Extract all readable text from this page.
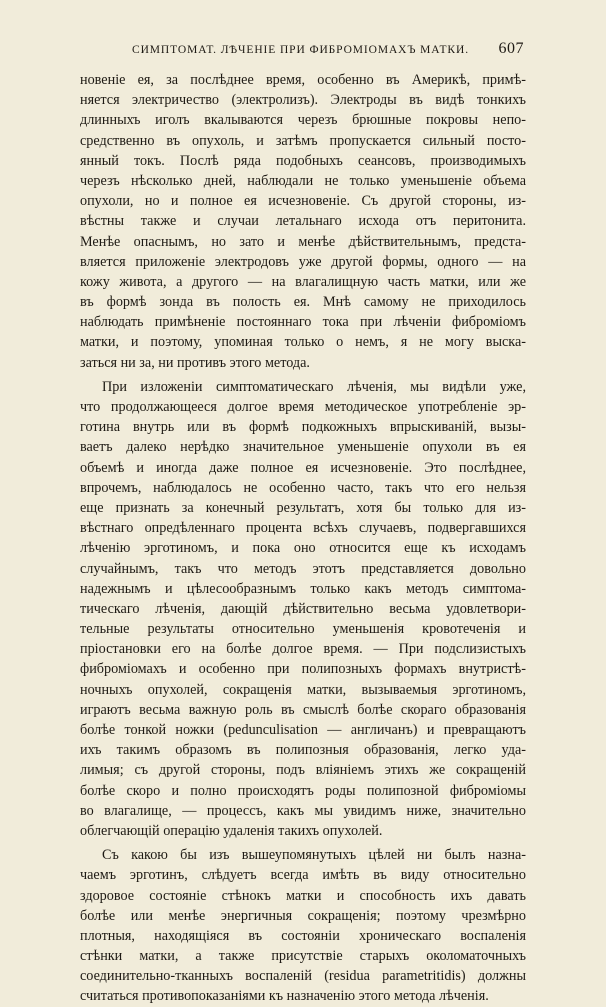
СИМПТОМАТ. ЛѢЧЕНІЕ ПРИ ФИБРОМІОМАХЪ МАТКИ. 607
новеніе ея, за послѣднее время, особенно въ Америкѣ, примѣ-
няется электричество (электролизъ). Электроды въ видѣ тонкихъ
длинныхъ иголъ вкалываются черезъ брюшные покровы непо-
средственно въ опухоль, и затѣмъ пропускается сильный посто-
янный токъ. Послѣ ряда подобныхъ сеансовъ, производимыхъ
черезъ нѣсколько дней, наблюдали не только уменьшеніе объема
опухоли, но и полное ея исчезновеніе. Съ другой стороны, из-
вѣстны также и случаи летальнаго исхода отъ перитонита.
Менѣе опаснымъ, но зато и менѣе дѣйствительнымъ, предста-
вляется приложеніе электродовъ уже другой формы, одного — на
кожу живота, а другого — на влагалищную часть матки, или же
въ формѣ зонда въ полость ея. Мнѣ самому не приходилось
наблюдать примѣненіе постояннаго тока при лѣченіи фибромiомъ
матки, и поэтому, упоминая только о немъ, я не могу выска-
заться ни за, ни противъ этого метода.
При изложеніи симптоматическаго лѣченія, мы видѣли уже,
что продолжающееся долгое время методическое употребленіе эр-
готина внутрь или въ формѣ подкожныхъ впрыскиваній, вызы-
ваетъ далеко нерѣдко значительное уменьшеніе опухоли въ ея
объемѣ и иногда даже полное ея исчезновеніе. Это послѣднее,
впрочемъ, наблюдалось не особенно часто, такъ что его нельзя
еще признать за конечный результатъ, хотя бы только для из-
вѣстнаго опредѣленнаго процента всѣхъ случаевъ, подвергавшихся
лѣченію эрготиномъ, и пока оно относится еще къ исходамъ
случайнымъ, такъ что методъ этотъ представляется довольно
надежнымъ и цѣлесообразнымъ только какъ методъ симптома-
тическаго лѣченія, дающій дѣйствительно весьма удовлетвори-
тельные результаты относительно уменьшенія кровотеченія и
пріостановки его на болѣе долгое время. — При подслизистыхъ
фибромiомахъ и особенно при полипозныхъ формахъ внутристѣ-
ночныхъ опухолей, сокращенія матки, вызываемыя эрготиномъ,
играютъ весьма важную роль въ смыслѣ болѣе скораго образованія
болѣе тонкой ножки (pedunculisation — англичанъ) и превращаютъ
ихъ такимъ образомъ въ полипозныя образованія, легко уда-
лимыя; съ другой стороны, подъ вліяніемъ этихъ же сокращеній
болѣе скоро и полно происходятъ роды полипозной фибромiомы
во влагалище, — процессъ, какъ мы увидимъ ниже, значительно
облегчающій операцію удаленія такихъ опухолей.
Съ какою бы изъ вышеупомянутыхъ цѣлей ни былъ назна-
чаемъ эрготинъ, слѣдуетъ всегда имѣть въ виду относительно
здоровое состояніе стѣнокъ матки и способность ихъ давать
болѣе или менѣе энергичныя сокращенія; поэтому чрезмѣрно
плотныя, находящіяся въ состояніи хроническаго воспаленія
стѣнки матки, а также присутствіе старыхъ околоматочныхъ
соединительно-тканныхъ воспаленій (residua parametritidis) должны
считаться противопоказаніями къ назначенію этого метода лѣченія.
